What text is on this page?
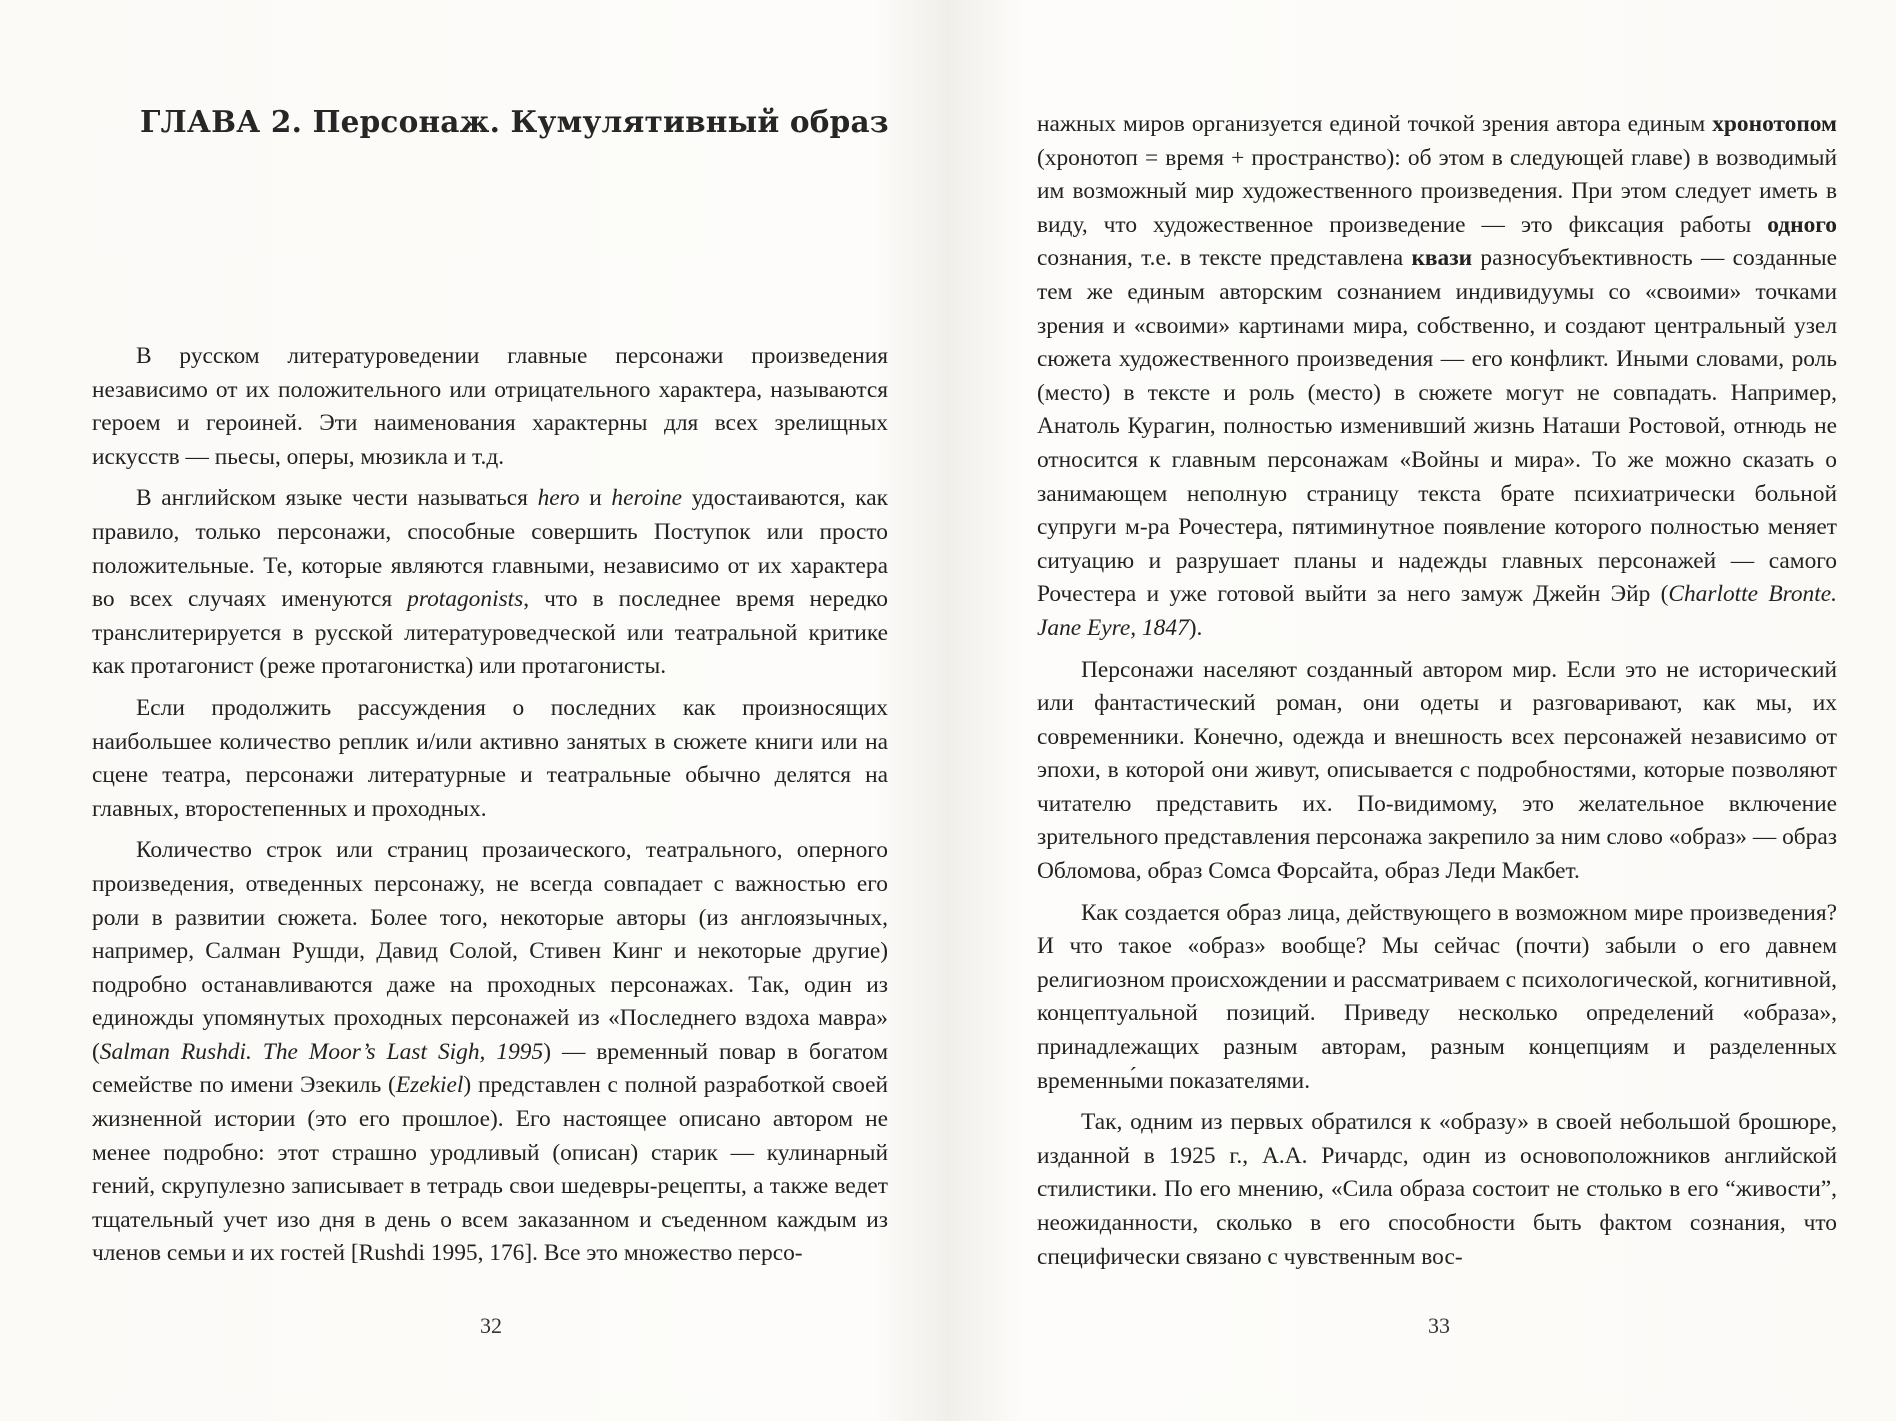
ГЛАВА 2. Персонаж. Кумулятивный образ

В русском литературоведении главные персонажи произведения независимо от их положительного или отрицательного характера, называются героем и героиней. Эти наименования характерны для всех зрелищных искусств — пьесы, оперы, мюзикла и т.д.

В английском языке чести называться hero и heroine удостаиваются, как правило, только персонажи, способные совершить Поступок или просто положительные. Те, которые являются главными, независимо от их характера во всех случаях именуются protagonists, что в последнее время нередко транслитерируется в русской литературоведческой или театральной критике как протагонист (реже протагонистка) или протагонисты.

Если продолжить рассуждения о последних как произносящих наибольшее количество реплик и/или активно занятых в сюжете книги или на сцене театра, персонажи литературные и театральные обычно делятся на главных, второстепенных и проходных.

Количество строк или страниц прозаического, театрального, оперного произведения, отведенных персонажу, не всегда совпадает с важностью его роли в развитии сюжета. Более того, некоторые авторы (из англоязычных, например, Салман Рушди, Давид Солой, Стивен Кинг и некоторые другие) подробно останавливаются даже на проходных персонажах. Так, один из единожды упомянутых проходных персонажей из «Последнего вздоха мавра» (Salman Rushdi. The Moor’s Last Sigh, 1995) — временный повар в богатом семействе по имени Эзекиль (Ezekiel) представлен с полной разработкой своей жизненной истории (это его прошлое). Его настоящее описано автором не менее подробно: этот страшно уродливый (описан) старик — кулинарный гений, скрупулезно записывает в тетрадь свои шедевры-рецепты, а также ведет тщательный учет изо дня в день о всем заказанном и съеденном каждым из членов семьи и их гостей [Rushdi 1995, 176]. Все это множество персо-

32

нажных миров организуется единой точкой зрения автора единым хронотопом (хронотоп = время + пространство): об этом в следующей главе) в возводимый им возможный мир художественного произведения. При этом следует иметь в виду, что художественное произведение — это фиксация работы одного сознания, т.е. в тексте представлена квази разносубъективность — созданные тем же единым авторским сознанием индивидуумы со «своими» точками зрения и «своими» картинами мира, собственно, и создают центральный узел сюжета художественного произведения — его конфликт. Иными словами, роль (место) в тексте и роль (место) в сюжете могут не совпадать. Например, Анатоль Курагин, полностью изменивший жизнь Наташи Ростовой, отнюдь не относится к главным персонажам «Войны и мира». То же можно сказать о занимающем неполную страницу текста брате психиатрически больной супруги м-ра Рочестера, пятиминутное появление которого полностью меняет ситуацию и разрушает планы и надежды главных персонажей — самого Рочестера и уже готовой выйти за него замуж Джейн Эйр (Charlotte Bronte. Jane Eyre, 1847).

Персонажи населяют созданный автором мир. Если это не исторический или фантастический роман, они одеты и разговаривают, как мы, их современники. Конечно, одежда и внешность всех персонажей независимо от эпохи, в которой они живут, описывается с подробностями, которые позволяют читателю представить их. По-видимому, это желательное включение зрительного представления персонажа закрепило за ним слово «образ» — образ Обломова, образ Сомса Форсайта, образ Леди Макбет.

Как создается образ лица, действующего в возможном мире произведения? И что такое «образ» вообще? Мы сейчас (почти) забыли о его давнем религиозном происхождении и рассматриваем с психологической, когнитивной, концептуальной позиций. Приведу несколько определений «образа», принадлежащих разным авторам, разным концепциям и разделенных временны́ми показателями.

Так, одним из первых обратился к «образу» в своей небольшой брошюре, изданной в 1925 г., А.А. Ричардс, один из основоположников английской стилистики. По его мнению, «Сила образа состоит не столько в его “живости”, неожиданности, сколько в его способности быть фактом сознания, что специфически связано с чувственным вос-

33
